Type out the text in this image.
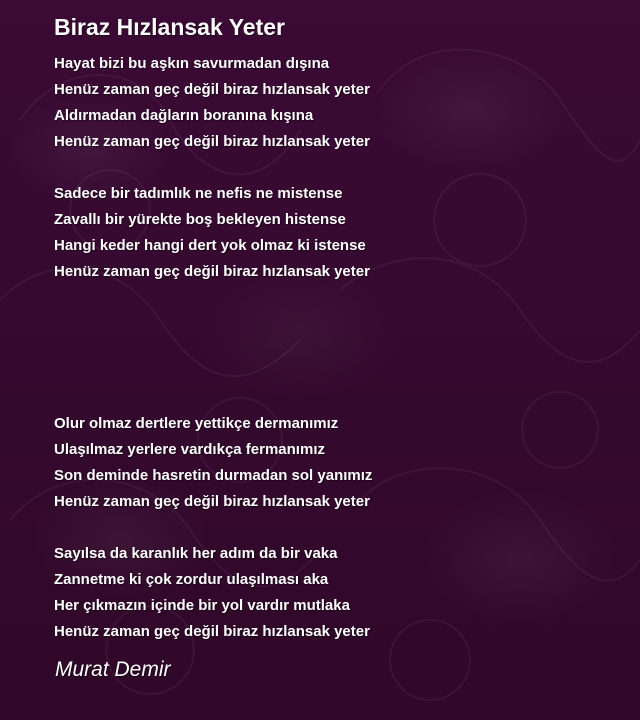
Biraz Hızlansak Yeter
Hayat bizi bu aşkın savurmadan dışına
Henüz zaman geç değil biraz hızlansak yeter
Aldırmadan dağların boranına kışına
Henüz zaman geç değil biraz hızlansak yeter
Sadece bir tadımlık ne nefis ne mistense
Zavallı bir yürekte boş bekleyen histense
Hangi keder hangi dert yok olmaz ki istense
Henüz zaman geç değil biraz hızlansak yeter
Olur olmaz dertlere yettikçe dermanımız
Ulaşılmaz yerlere vardıkça fermanımız
Son deminde hasretin durmadan sol yanımız
Henüz zaman geç değil biraz hızlansak yeter
Sayılsa da karanlık her adım da bir vaka
Zannetme ki çok zordur ulaşılması aka
Her çıkmazın içinde bir yol vardır mutlaka
Henüz zaman geç değil biraz hızlansak yeter
Murat Demir
